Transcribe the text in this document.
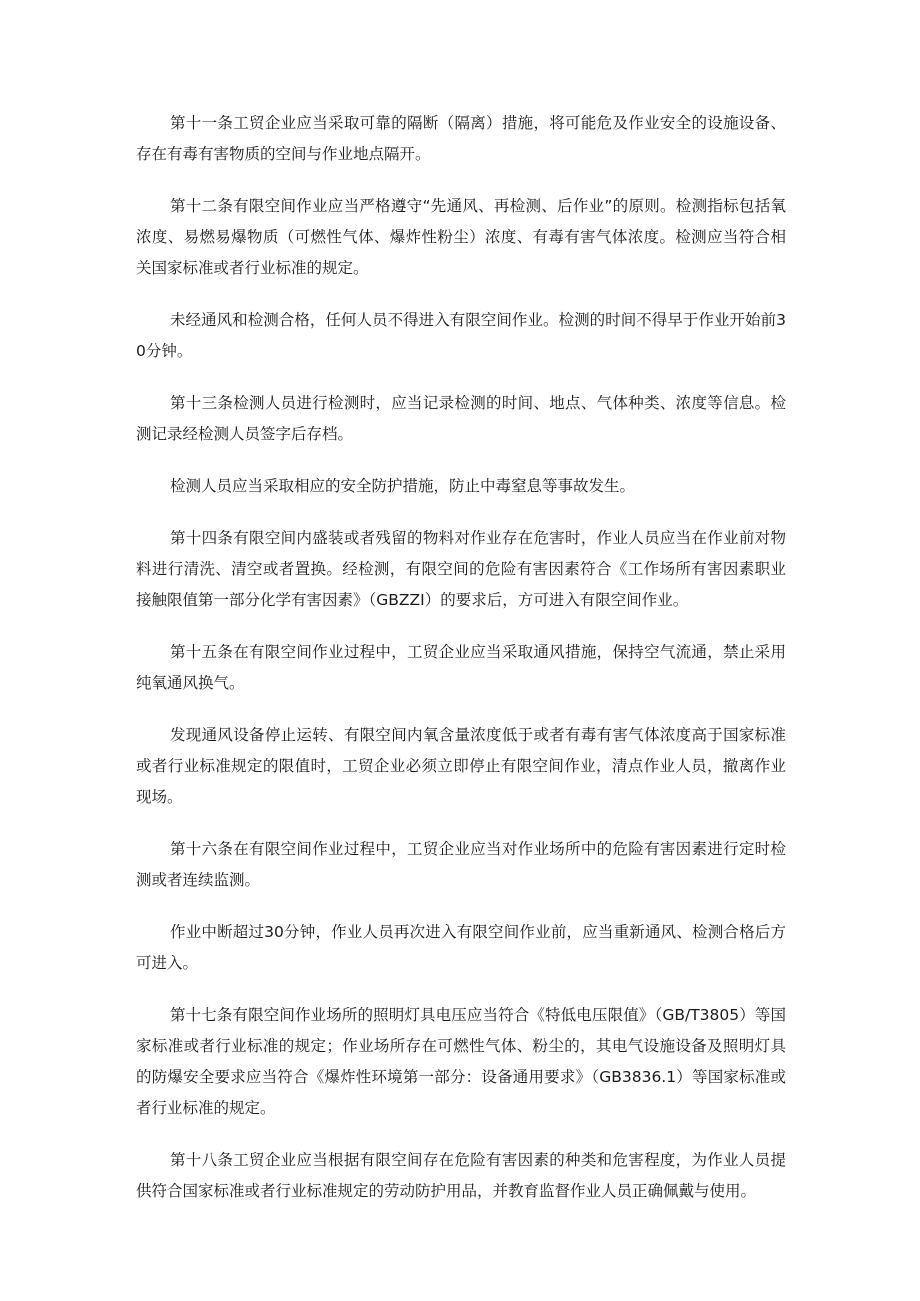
第十一条工贸企业应当采取可靠的隔断（隔离）措施，将可能危及作业安全的设施设备、存在有毒有害物质的空间与作业地点隔开。

第十二条有限空间作业应当严格遵守“先通风、再检测、后作业”的原则。检测指标包括氧浓度、易燃易爆物质（可燃性气体、爆炸性粉尘）浓度、有毒有害气体浓度。检测应当符合相关国家标准或者行业标准的规定。

未经通风和检测合格，任何人员不得进入有限空间作业。检测的时间不得早于作业开始前30分钟。

第十三条检测人员进行检测时，应当记录检测的时间、地点、气体种类、浓度等信息。检测记录经检测人员签字后存档。

检测人员应当采取相应的安全防护措施，防止中毒窒息等事故发生。

第十四条有限空间内盛装或者残留的物料对作业存在危害时，作业人员应当在作业前对物料进行清洗、清空或者置换。经检测，有限空间的危险有害因素符合《工作场所有害因素职业接触限值第一部分化学有害因素》（GBZZI）的要求后，方可进入有限空间作业。

第十五条在有限空间作业过程中，工贸企业应当采取通风措施，保持空气流通，禁止采用纯氧通风换气。

发现通风设备停止运转、有限空间内氧含量浓度低于或者有毒有害气体浓度高于国家标准或者行业标准规定的限值时，工贸企业必须立即停止有限空间作业，清点作业人员，撤离作业现场。

第十六条在有限空间作业过程中，工贸企业应当对作业场所中的危险有害因素进行定时检测或者连续监测。

作业中断超过30分钟，作业人员再次进入有限空间作业前，应当重新通风、检测合格后方可进入。

第十七条有限空间作业场所的照明灯具电压应当符合《特低电压限值》（GB/T3805）等国家标准或者行业标准的规定；作业场所存在可燃性气体、粉尘的，其电气设施设备及照明灯具的防爆安全要求应当符合《爆炸性环境第一部分：设备通用要求》（GB3836.1）等国家标准或者行业标准的规定。

第十八条工贸企业应当根据有限空间存在危险有害因素的种类和危害程度，为作业人员提供符合国家标准或者行业标准规定的劳动防护用品，并教育监督作业人员正确佩戴与使用。
